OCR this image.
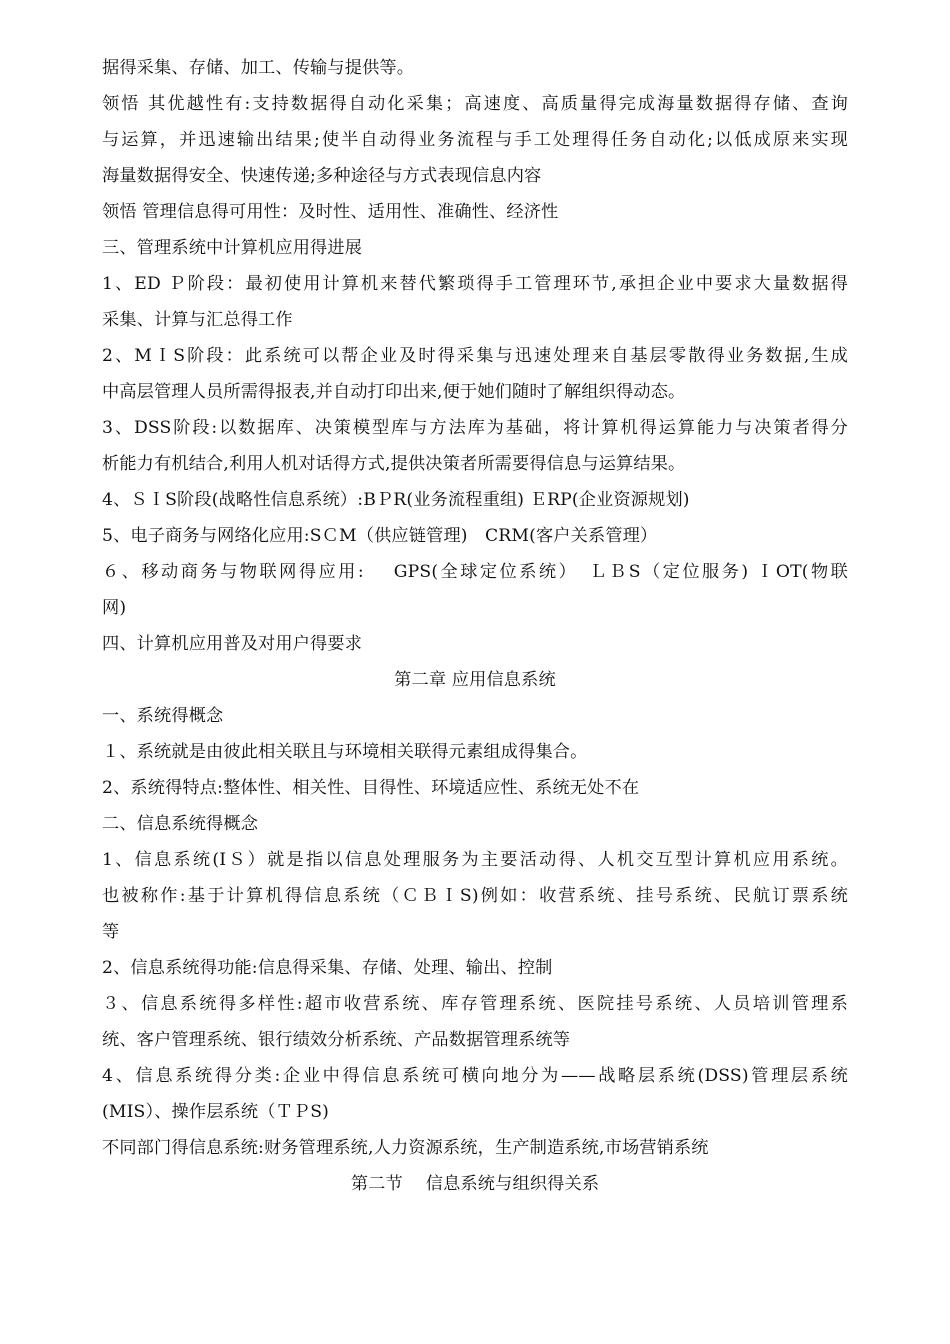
据得采集、存储、加工、传输与提供等。
领悟 其优越性有:支持数据得自动化采集；高速度、高质量得完成海量数据得存储、查询
与运算，并迅速输出结果;使半自动得业务流程与手工处理得任务自动化;以低成原来实现
海量数据得安全、快速传递;多种途径与方式表现信息内容
领悟 管理信息得可用性：及时性、适用性、准确性、经济性
三、管理系统中计算机应用得进展
1、ED Ｐ阶段：最初使用计算机来替代繁琐得手工管理环节,承担企业中要求大量数据得
采集、计算与汇总得工作
2、MＩS阶段：此系统可以帮企业及时得采集与迅速处理来自基层零散得业务数据,生成
中高层管理人员所需得报表,并自动打印出来,便于她们随时了解组织得动态。
3、DSS阶段:以数据库、决策模型库与方法库为基础，将计算机得运算能力与决策者得分
析能力有机结合,利用人机对话得方式,提供决策者所需要得信息与运算结果。
4、ＳＩS阶段(战略性信息系统）:BＰR(业务流程重组) ＥRP(企业资源规划)
5、电子商务与网络化应用:SＣM（供应链管理)　CRM(客户关系管理）
６、移动商务与物联网得应用:　 GPS(全球定位系统）　ＬＢS（定位服务) ＩOT(物联
网)
四、计算机应用普及对用户得要求
第二章 应用信息系统
一、系统得概念
１、系统就是由彼此相关联且与环境相关联得元素组成得集合。
2、系统得特点:整体性、相关性、目得性、环境适应性、系统无处不在
二、信息系统得概念
1、信息系统(IＳ）就是指以信息处理服务为主要活动得、人机交互型计算机应用系统。
也被称作:基于计算机得信息系统（ＣＢＩS)例如：收营系统、挂号系统、民航订票系统
等
2、信息系统得功能:信息得采集、存储、处理、输出、控制
３、信息系统得多样性:超市收营系统、库存管理系统、医院挂号系统、人员培训管理系
统、客户管理系统、银行绩效分析系统、产品数据管理系统等
4、信息系统得分类:企业中得信息系统可横向地分为——战略层系统(DSS)管理层系统
(MIS）、操作层系统（ＴＰS)
不同部门得信息系统:财务管理系统,人力资源系统，生产制造系统,市场营销系统
第二节　 信息系统与组织得关系
